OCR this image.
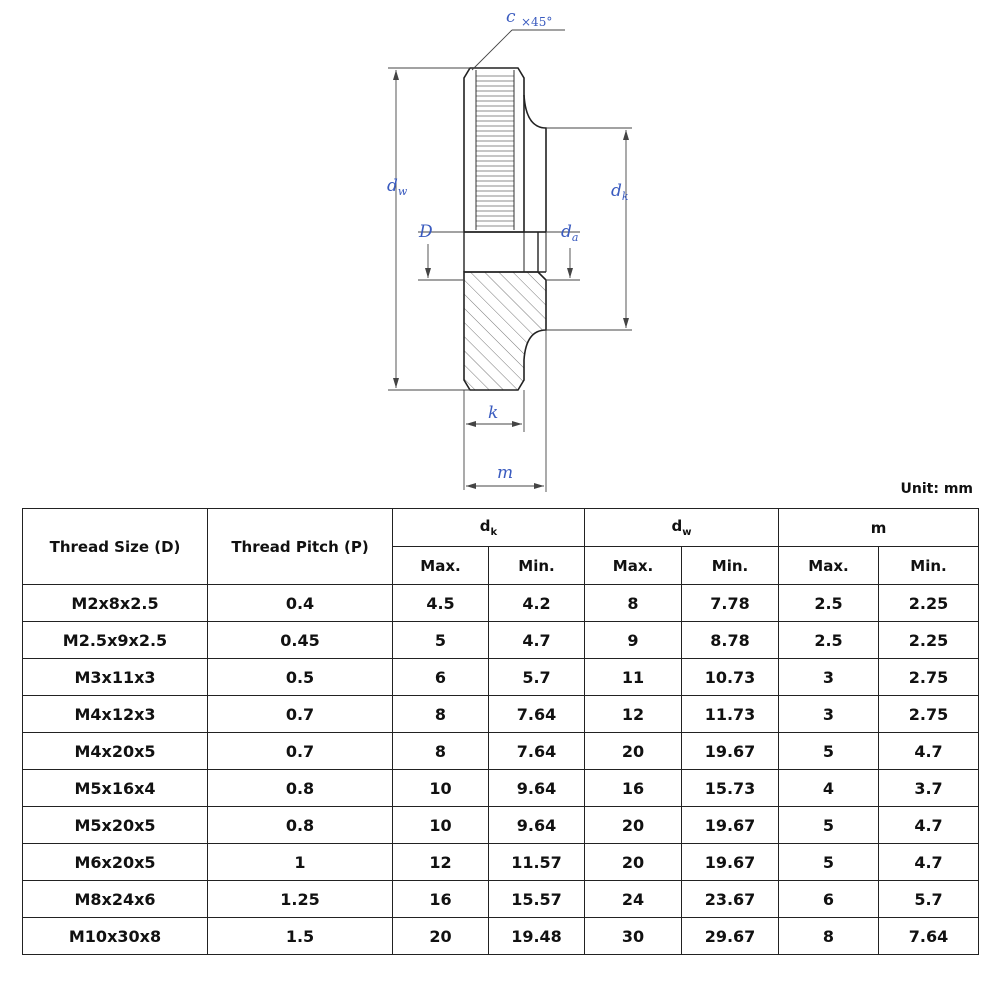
c ×45°
$d_w$	$d_k$
D	$d_a$
k
m
Unit: mm
Thread Size (D)	Thread Pitch (P)	$d_k$		$d_w$		m	
		Max.	Min.	Max.	Min.	Max.	Min.
M2x8x2.5	0.4	4.5	4.2	8	7.78	2.5	2.25
M2.5x9x2.5	0.45	5	4.7	9	8.78	2.5	2.25
M3x11x3	0.5	6	5.7	11	10.73	3	2.75
M4x12x3	0.7	8	7.64	12	11.73	3	2.75
M4x20x5	0.7	8	7.64	20	19.67	5	4.7
M5x16x4	0.8	10	9.64	16	15.73	4	3.7
M5x20x5	0.8	10	9.64	20	19.67	5	4.7
M6x20x5	1	12	11.57	20	19.67	5	4.7
M8x24x6	1.25	16	15.57	24	23.67	6	5.7
M10x30x8	1.5	20	19.48	30	29.67	8	7.64
